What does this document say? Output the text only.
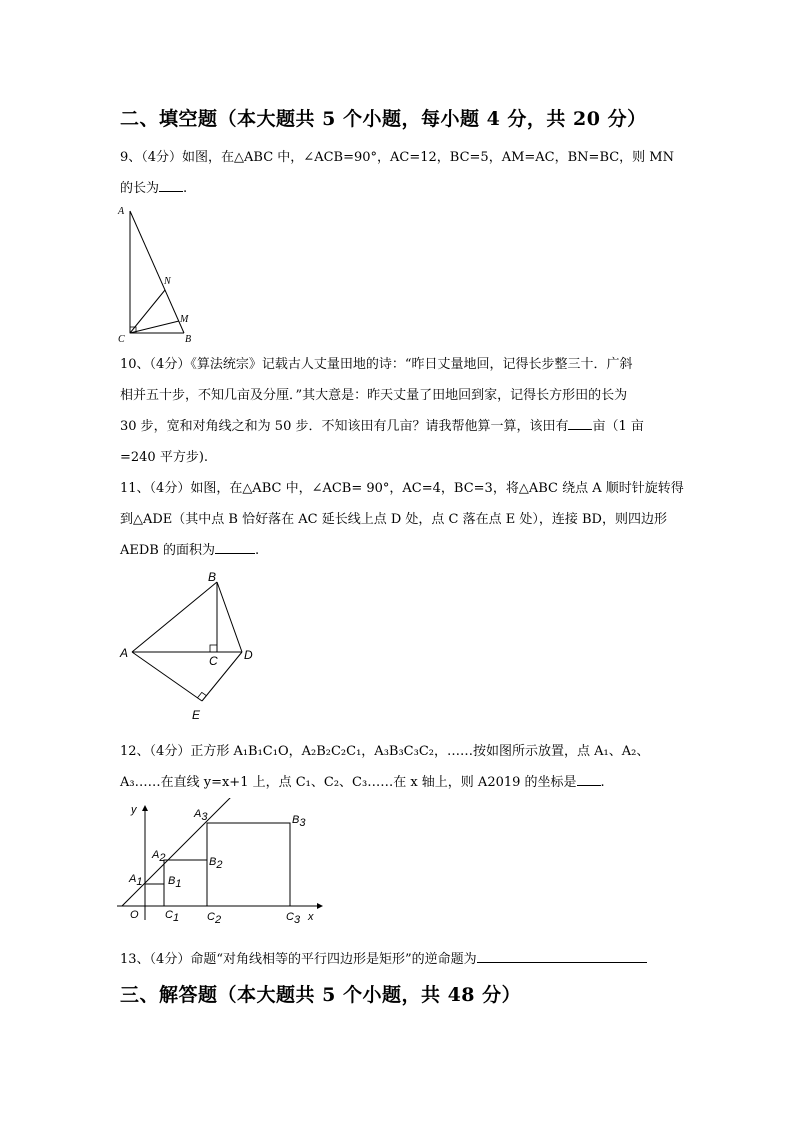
二、填空题（本大题共 5 个小题，每小题 4 分，共 20 分）
9、（4分）如图，在△ABC 中，∠ACB=90°，AC=12，BC=5，AM=AC，BN=BC，则 MN
的长为 .
A
N
M
C	B
10、（4分）《算法统宗》记载古人丈量田地的诗：“昨日丈量地回，记得长步整三十．广斜
相并五十步，不知几亩及分厘．”其大意是：昨天丈量了田地回到家，记得长方形田的长为
30 步，宽和对角线之和为 50 步．不知该田有几亩？请我帮他算一算，该田有 亩（1 亩
=240 平方步).
11、（4分）如图，在△ABC 中，∠ACB= 90°，AC=4，BC=3，将△ABC 绕点 A 顺时针旋转得
到△ADE（其中点 B 恰好落在 AC 延长线上点 D 处，点 C 落在点 E 处），连接 BD，则四边形
AEDB 的面积为	.
B
A
C D
E
12、（4分）正方形 A₁B₁C₁O，A₂B₂C₂C₁，A₃B₃C₃C₂，……按如图所示放置，点 A₁、A₂、
A₃……在直线 y=x+1 上，点 C₁、C₂、C₃……在 x 轴上，则 A2019 的坐标是 .
y
x
O
A1
A2
A3
B1
B2
B3
C1	C2	C3
13、（4分）命题“对角线相等的平行四边形是矩形”的逆命题为
三、解答题（本大题共 5 个小题，共 48 分）
